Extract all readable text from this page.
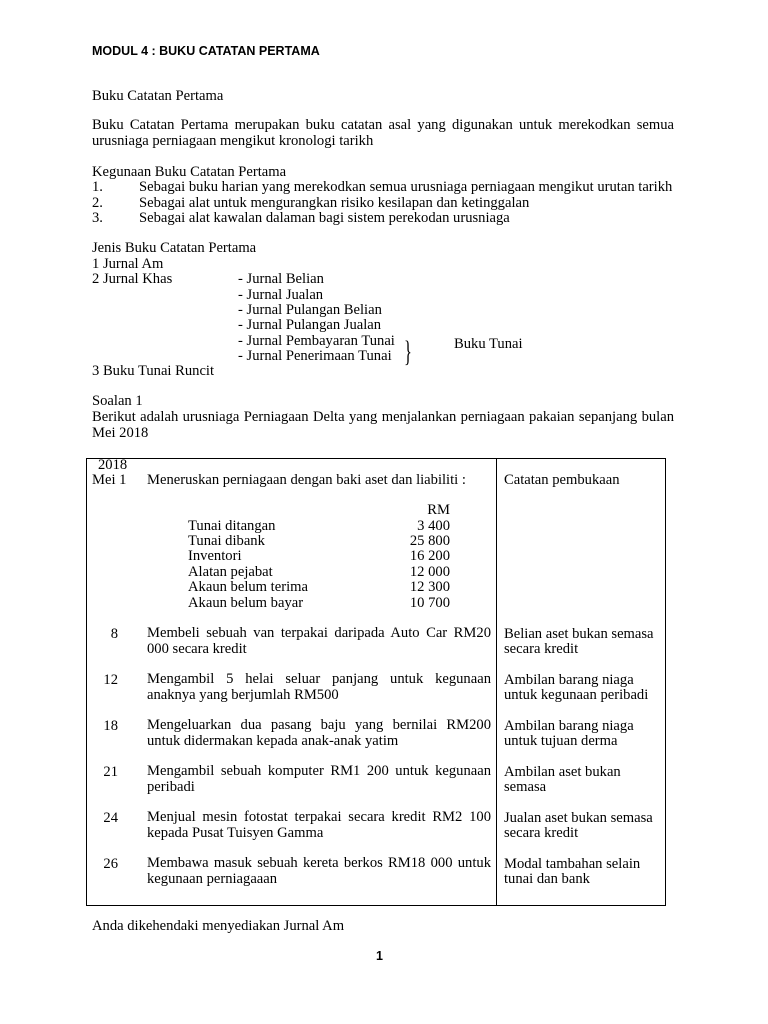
MODUL 4 : BUKU CATATAN PERTAMA
Buku Catatan Pertama
Buku Catatan Pertama merupakan buku catatan asal yang digunakan untuk merekodkan semua urusniaga perniagaan mengikut kronologi tarikh
Kegunaan Buku Catatan Pertama
1. Sebagai buku harian yang merekodkan semua urusniaga perniagaan mengikut urutan tarikh
2. Sebagai alat untuk mengurangkan risiko kesilapan dan ketinggalan
3. Sebagai alat kawalan dalaman bagi sistem perekodan urusniaga
Jenis Buku Catatan Pertama
1 Jurnal Am
2 Jurnal Khas	- Jurnal Belian
- Jurnal Jualan
- Jurnal Pulangan Belian
- Jurnal Pulangan Jualan
- Jurnal Pembayaran Tunai
- Jurnal Penerimaan Tunai }	Buku Tunai
3 Buku Tunai Runcit
Soalan 1
Berikut adalah urusniaga Perniagaan Delta yang menjalankan perniagaan pakaian sepanjang bulan Mei 2018
2018
Mei 1 Meneruskan perniagaan dengan baki aset dan liabiliti :	Catatan pembukaan
RM
Tunai ditangan	3 400
Tunai dibank	25 800
Inventori	16 200
Alatan pejabat	12 000
Akaun belum terima	12 300
Akaun belum bayar	10 700
8 Membeli sebuah van terpakai daripada Auto Car RM20 000 secara kredit
Belian aset bukan semasa
secara kredit
12 Mengambil 5 helai seluar panjang untuk kegunaan anaknya yang berjumlah RM500
Ambilan barang niaga
untuk kegunaan peribadi
18 Mengeluarkan dua pasang baju yang bernilai RM200 untuk didermakan kepada anak-anak yatim
Ambilan barang niaga
untuk tujuan derma
21 Mengambil sebuah komputer RM1 200 untuk kegunaan peribadi
Ambilan aset bukan
semasa
24 Menjual mesin fotostat terpakai secara kredit RM2 100 kepada Pusat Tuisyen Gamma
Jualan aset bukan semasa
secara kredit
26 Membawa masuk sebuah kereta berkos RM18 000 untuk kegunaan perniagaaan
Modal tambahan selain
tunai dan bank
Anda dikehendaki menyediakan Jurnal Am
1
